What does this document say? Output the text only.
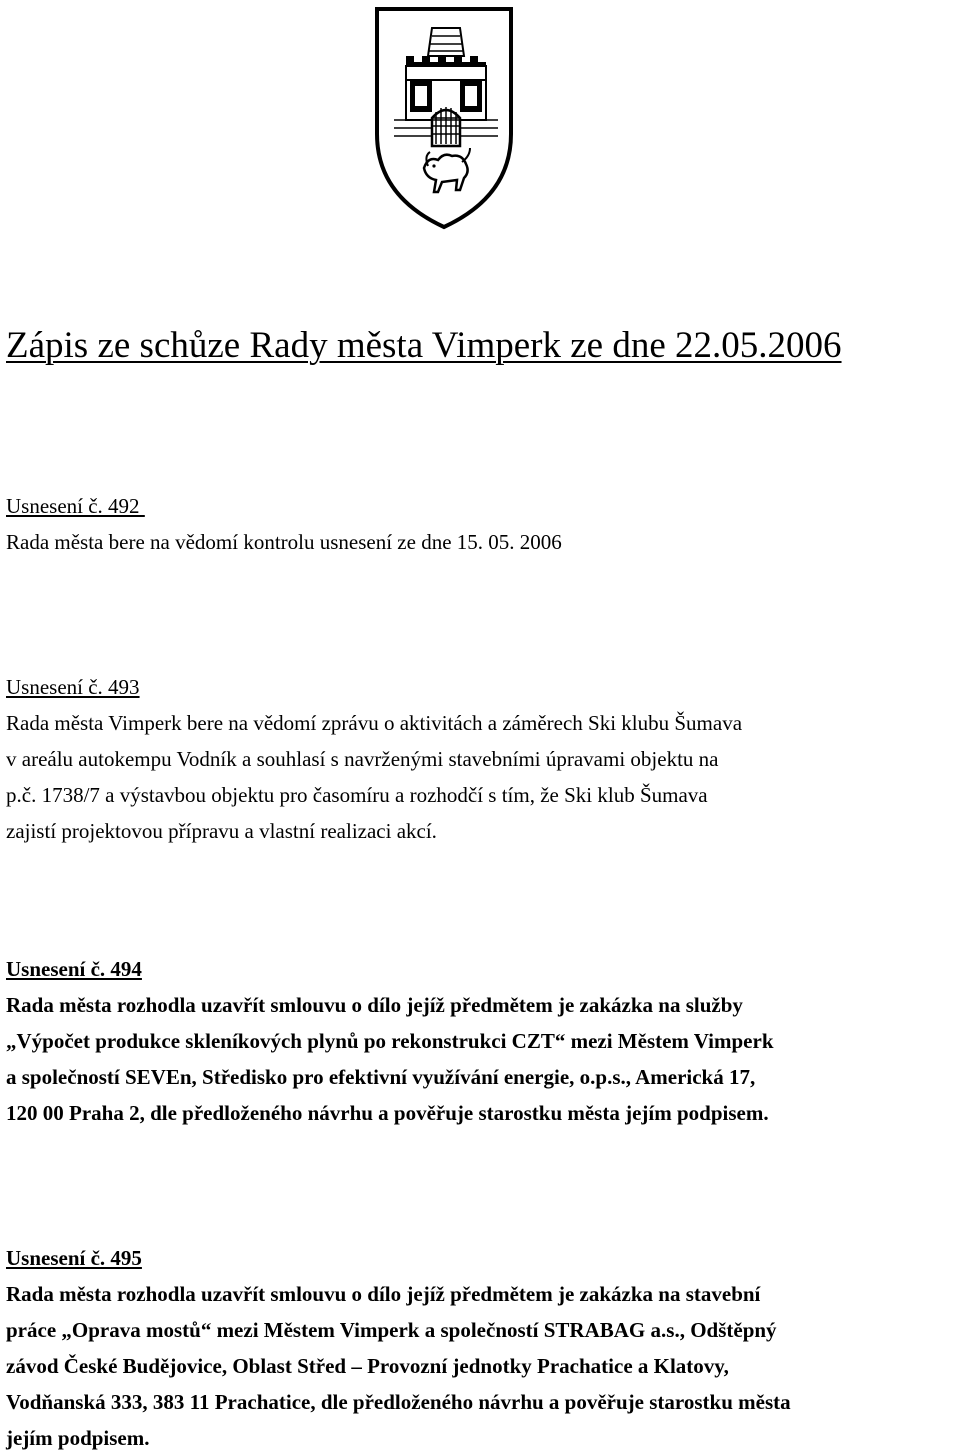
Zápis ze schůze Rady města Vimperk ze dne 22.05.2006
Usnesení č. 492
Rada města bere na vědomí kontrolu usnesení ze dne 15. 05. 2006
Usnesení č. 493
Rada města Vimperk bere na vědomí zprávu o aktivitách a záměrech Ski klubu Šumava
v areálu autokempu Vodník a souhlasí s navrženými stavebními úpravami objektu na
p.č. 1738/7 a výstavbou objektu pro časomíru a rozhodčí s tím, že Ski klub Šumava
zajistí projektovou přípravu a vlastní realizaci akcí.
Usnesení č. 494
Rada města rozhodla uzavřít smlouvu o dílo jejíž předmětem je zakázka na služby
„Výpočet produkce skleníkových plynů po rekonstrukci CZT“ mezi Městem Vimperk
a společností SEVEn, Středisko pro efektivní využívání energie, o.p.s., Americká 17,
120 00 Praha 2, dle předloženého návrhu a pověřuje starostku města jejím podpisem.
Usnesení č. 495
Rada města rozhodla uzavřít smlouvu o dílo jejíž předmětem je zakázka na stavební
práce „Oprava mostů“ mezi Městem Vimperk a společností STRABAG a.s., Odštěpný
závod České Budějovice, Oblast Střed – Provozní jednotky Prachatice a Klatovy,
Vodňanská 333, 383 11 Prachatice, dle předloženého návrhu a pověřuje starostku města
jejím podpisem.
